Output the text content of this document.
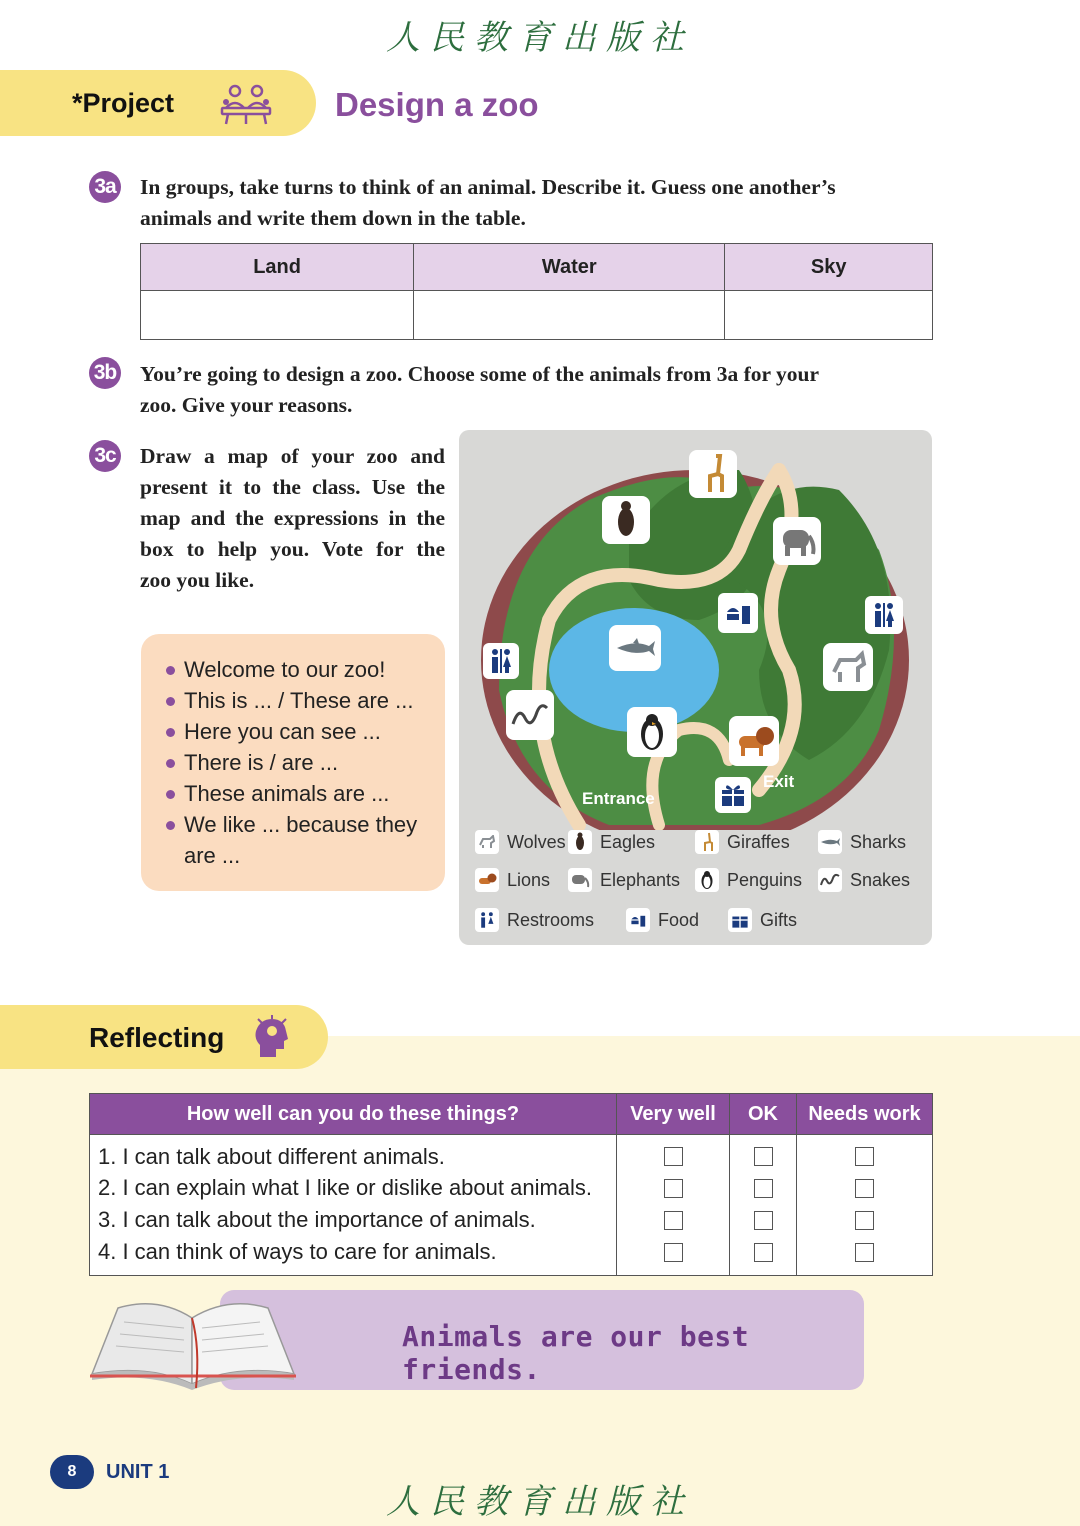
人民教育出版社
*Project	Design a zoo
3a In groups, take turns to think of an animal. Describe it. Guess one another’s
animals and write them down in the table.
Land	Water	Sky

3b You’re going to design a zoo. Choose some of the animals from 3a for your
zoo. Give your reasons.
3c Draw a map of your zoo and
present it to the class. Use the
map and the expressions in the
box to help you. Vote for the
zoo you like.
Welcome to our zoo!
This is ... / These are ...
Here you can see ...
There is / are ...
These animals are ...
We like ... because they are ...
Entrance
Exit
Wolves Eagles	Giraffes	Sharks
Lions	Elephants	Penguins	Snakes
Restrooms	Food	Gifts
Reflecting
How well can you do these things?	Very well	OK	Needs work
1. I can talk about different animals.	

2. I can explain what I like or dislike about animals.	

3. I can talk about the importance of animals.	

4. I can think of ways to care for animals.	

Animals are our best friends.
8	UNIT 1
人民教育出版社
